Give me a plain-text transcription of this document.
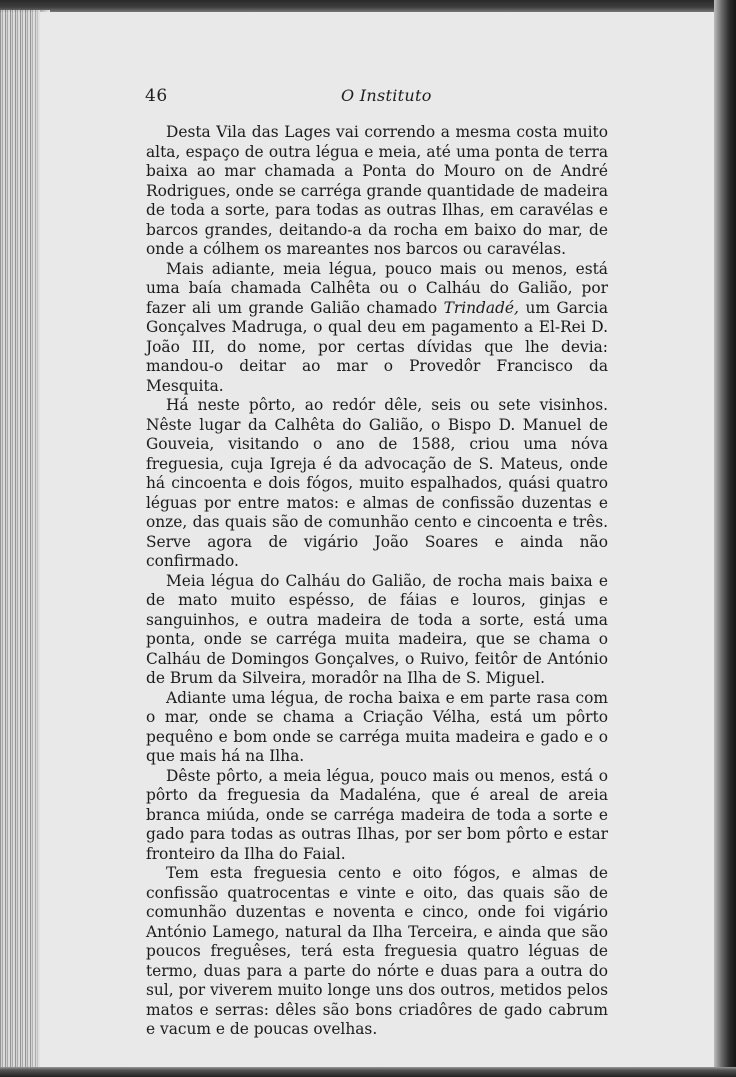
46	O Instituto

Desta Vila das Lages vai correndo a mesma costa muito alta, espaço de outra légua e meia, até uma ponta de terra baixa ao mar chamada a Ponta do Mouro on de André Rodrigues, onde se carréga grande quantidade de madeira de toda a sorte, para todas as outras Ilhas, em caravélas e barcos grandes, deitando-a da rocha em baixo do mar, de onde a cólhem os mareantes nos barcos ou caravélas.

Mais adiante, meia légua, pouco mais ou menos, está uma baía chamada Calhêta ou o Calháu do Galião, por fazer ali um grande Galião chamado Trindadé, um Garcia Gonçalves Madruga, o qual deu em pagamento a El-Rei D. João III, do nome, por certas dívidas que lhe devia: mandou-o deitar ao mar o Provedôr Francisco da Mesquita.

Há neste pôrto, ao redór dêle, seis ou sete visinhos. Nêste lugar da Calhêta do Galião, o Bispo D. Manuel de Gouveia, visitando o ano de 1588, criou uma nóva freguesia, cuja Igreja é da advocação de S. Mateus, onde há cincoenta e dois fógos, muito espalhados, quási quatro léguas por entre matos: e almas de confissão duzentas e onze, das quais são de comunhão cento e cincoenta e três. Serve agora de vigário João Soares e ainda não confirmado.

Meia légua do Calháu do Galião, de rocha mais baixa e de mato muito espésso, de fáias e louros, ginjas e sanguinhos, e outra madeira de toda a sorte, está uma ponta, onde se carréga muita madeira, que se chama o Calháu de Domingos Gonçalves, o Ruivo, feitôr de António de Brum da Silveira, moradôr na Ilha de S. Miguel.

Adiante uma légua, de rocha baixa e em parte rasa com o mar, onde se chama a Criação Vélha, está um pôrto pequêno e bom onde se carréga muita madeira e gado e o que mais há na Ilha.

Dêste pôrto, a meia légua, pouco mais ou menos, está o pôrto da freguesia da Madaléna, que é areal de areia branca miúda, onde se carréga madeira de toda a sorte e gado para todas as outras Ilhas, por ser bom pôrto e estar fronteiro da Ilha do Faial.

Tem esta freguesia cento e oito fógos, e almas de confissão quatrocentas e vinte e oito, das quais são de comunhão duzentas e noventa e cinco, onde foi vigário António Lamego, natural da Ilha Terceira, e ainda que são poucos freguêses, terá esta freguesia quatro léguas de termo, duas para a parte do nórte e duas para a outra do sul, por viverem muito longe uns dos outros, metidos pelos matos e serras: dêles são bons criadôres de gado cabrum e vacum e de poucas ovelhas.
